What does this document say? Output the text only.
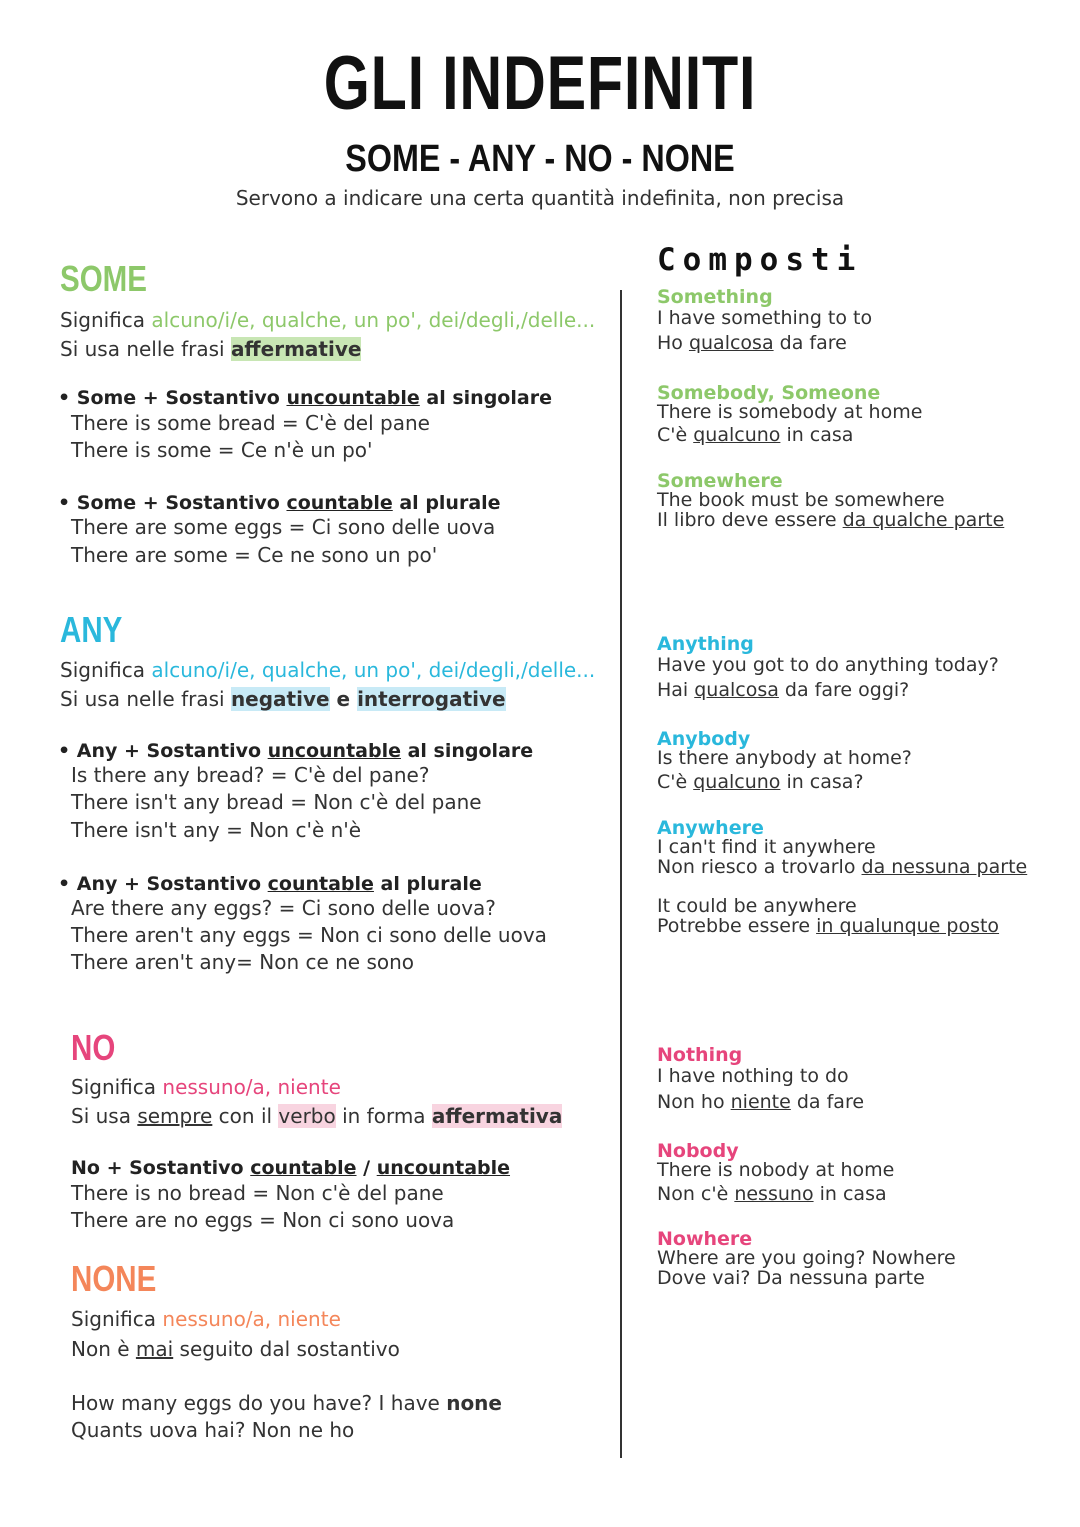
GLI INDEFINITI
SOME - ANY - NO - NONE
Servono a indicare una certa quantità indefinita, non precisa
SOME
Significa alcuno/i/e, qualche, un po', dei/degli,/delle...
Si usa nelle frasi affermative
• Some + Sostantivo uncountable al singolare
There is some bread = C'è del pane
There is some = Ce n'è un po'
• Some + Sostantivo countable al plurale
There are some eggs = Ci sono delle uova
There are some = Ce ne sono un po'
ANY
Significa alcuno/i/e, qualche, un po', dei/degli,/delle...
Si usa nelle frasi negative e interrogative
• Any + Sostantivo uncountable al singolare
Is there any bread? = C'è del pane?
There isn't any bread = Non c'è del pane
There isn't any = Non c'è n'è
• Any + Sostantivo countable al plurale
Are there any eggs? = Ci sono delle uova?
There aren't any eggs = Non ci sono delle uova
There aren't any= Non ce ne sono
NO
Significa nessuno/a, niente
Si usa sempre con il verbo in forma affermativa
No + Sostantivo countable / uncountable
There is no bread = Non c'è del pane
There are no eggs = Non ci sono uova
NONE
Significa nessuno/a, niente
Non è mai seguito dal sostantivo
How many eggs do you have? I have none
Quants uova hai? Non ne ho
Composti
Something
I have something to to
Ho qualcosa da fare
Somebody, Someone
There is somebody at home
C'è qualcuno in casa
Somewhere
The book must be somewhere
Il libro deve essere da qualche parte
Anything
Have you got to do anything today?
Hai qualcosa da fare oggi?
Anybody
Is there anybody at home?
C'è qualcuno in casa?
Anywhere
I can't find it anywhere
Non riesco a trovarlo da nessuna parte
It could be anywhere
Potrebbe essere in qualunque posto
Nothing
I have nothing to do
Non ho niente da fare
Nobody
There is nobody at home
Non c'è nessuno in casa
Nowhere
Where are you going? Nowhere
Dove vai? Da nessuna parte
